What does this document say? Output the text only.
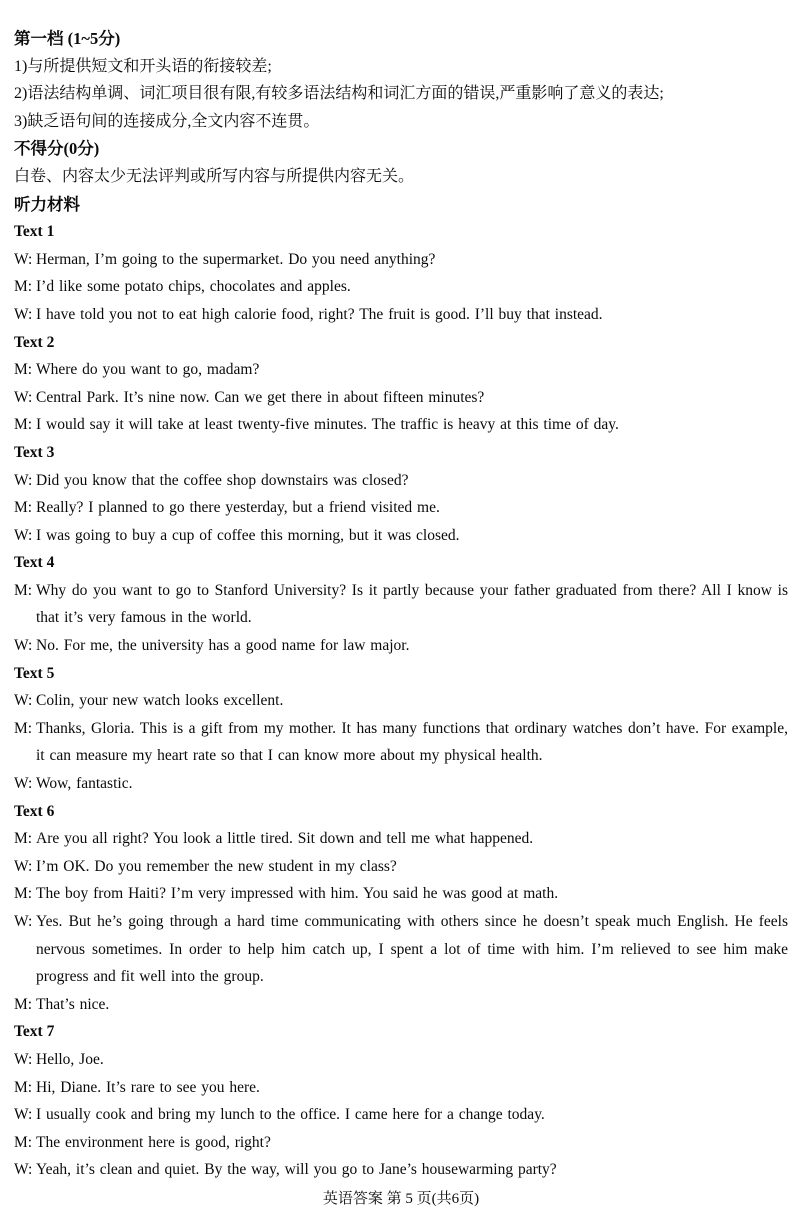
第一档 (1~5分)

1)与所提供短文和开头语的衔接较差;

2)语法结构单调、词汇项目很有限,有较多语法结构和词汇方面的错误,严重影响了意义的表达;

3)缺乏语句间的连接成分,全文内容不连贯。

不得分(0分)

白卷、内容太少无法评判或所写内容与所提供内容无关。

听力材料
Text 1

W: Herman, I’m going to the supermarket. Do you need anything?

M: I’d like some potato chips, chocolates and apples.

W: I have told you not to eat high calorie food, right? The fruit is good. I’ll buy that instead.

Text 2

M: Where do you want to go, madam?

W: Central Park. It’s nine now. Can we get there in about fifteen minutes?

M: I would say it will take at least twenty-five minutes. The traffic is heavy at this time of day.

Text 3

W: Did you know that the coffee shop downstairs was closed?

M: Really? I planned to go there yesterday, but a friend visited me.

W: I was going to buy a cup of coffee this morning, but it was closed.

Text 4

M: Why do you want to go to Stanford University? Is it partly because your father graduated from there? All I know is that it’s very famous in the world.

W: No. For me, the university has a good name for law major.

Text 5

W: Colin, your new watch looks excellent.

M: Thanks, Gloria. This is a gift from my mother. It has many functions that ordinary watches don’t have. For example, it can measure my heart rate so that I can know more about my physical health.

W: Wow, fantastic.

Text 6

M: Are you all right? You look a little tired. Sit down and tell me what happened.

W: I’m OK. Do you remember the new student in my class?

M: The boy from Haiti? I’m very impressed with him. You said he was good at math.

W: Yes. But he’s going through a hard time communicating with others since he doesn’t speak much English. He feels nervous sometimes. In order to help him catch up, I spent a lot of time with him. I’m relieved to see him make progress and fit well into the group.

M: That’s nice.

Text 7

W: Hello, Joe.

M: Hi, Diane. It’s rare to see you here.

W: I usually cook and bring my lunch to the office. I came here for a change today.

M: The environment here is good, right?

W: Yeah, it’s clean and quiet. By the way, will you go to Jane’s housewarming party?

英语答案 第 5 页(共6页)
